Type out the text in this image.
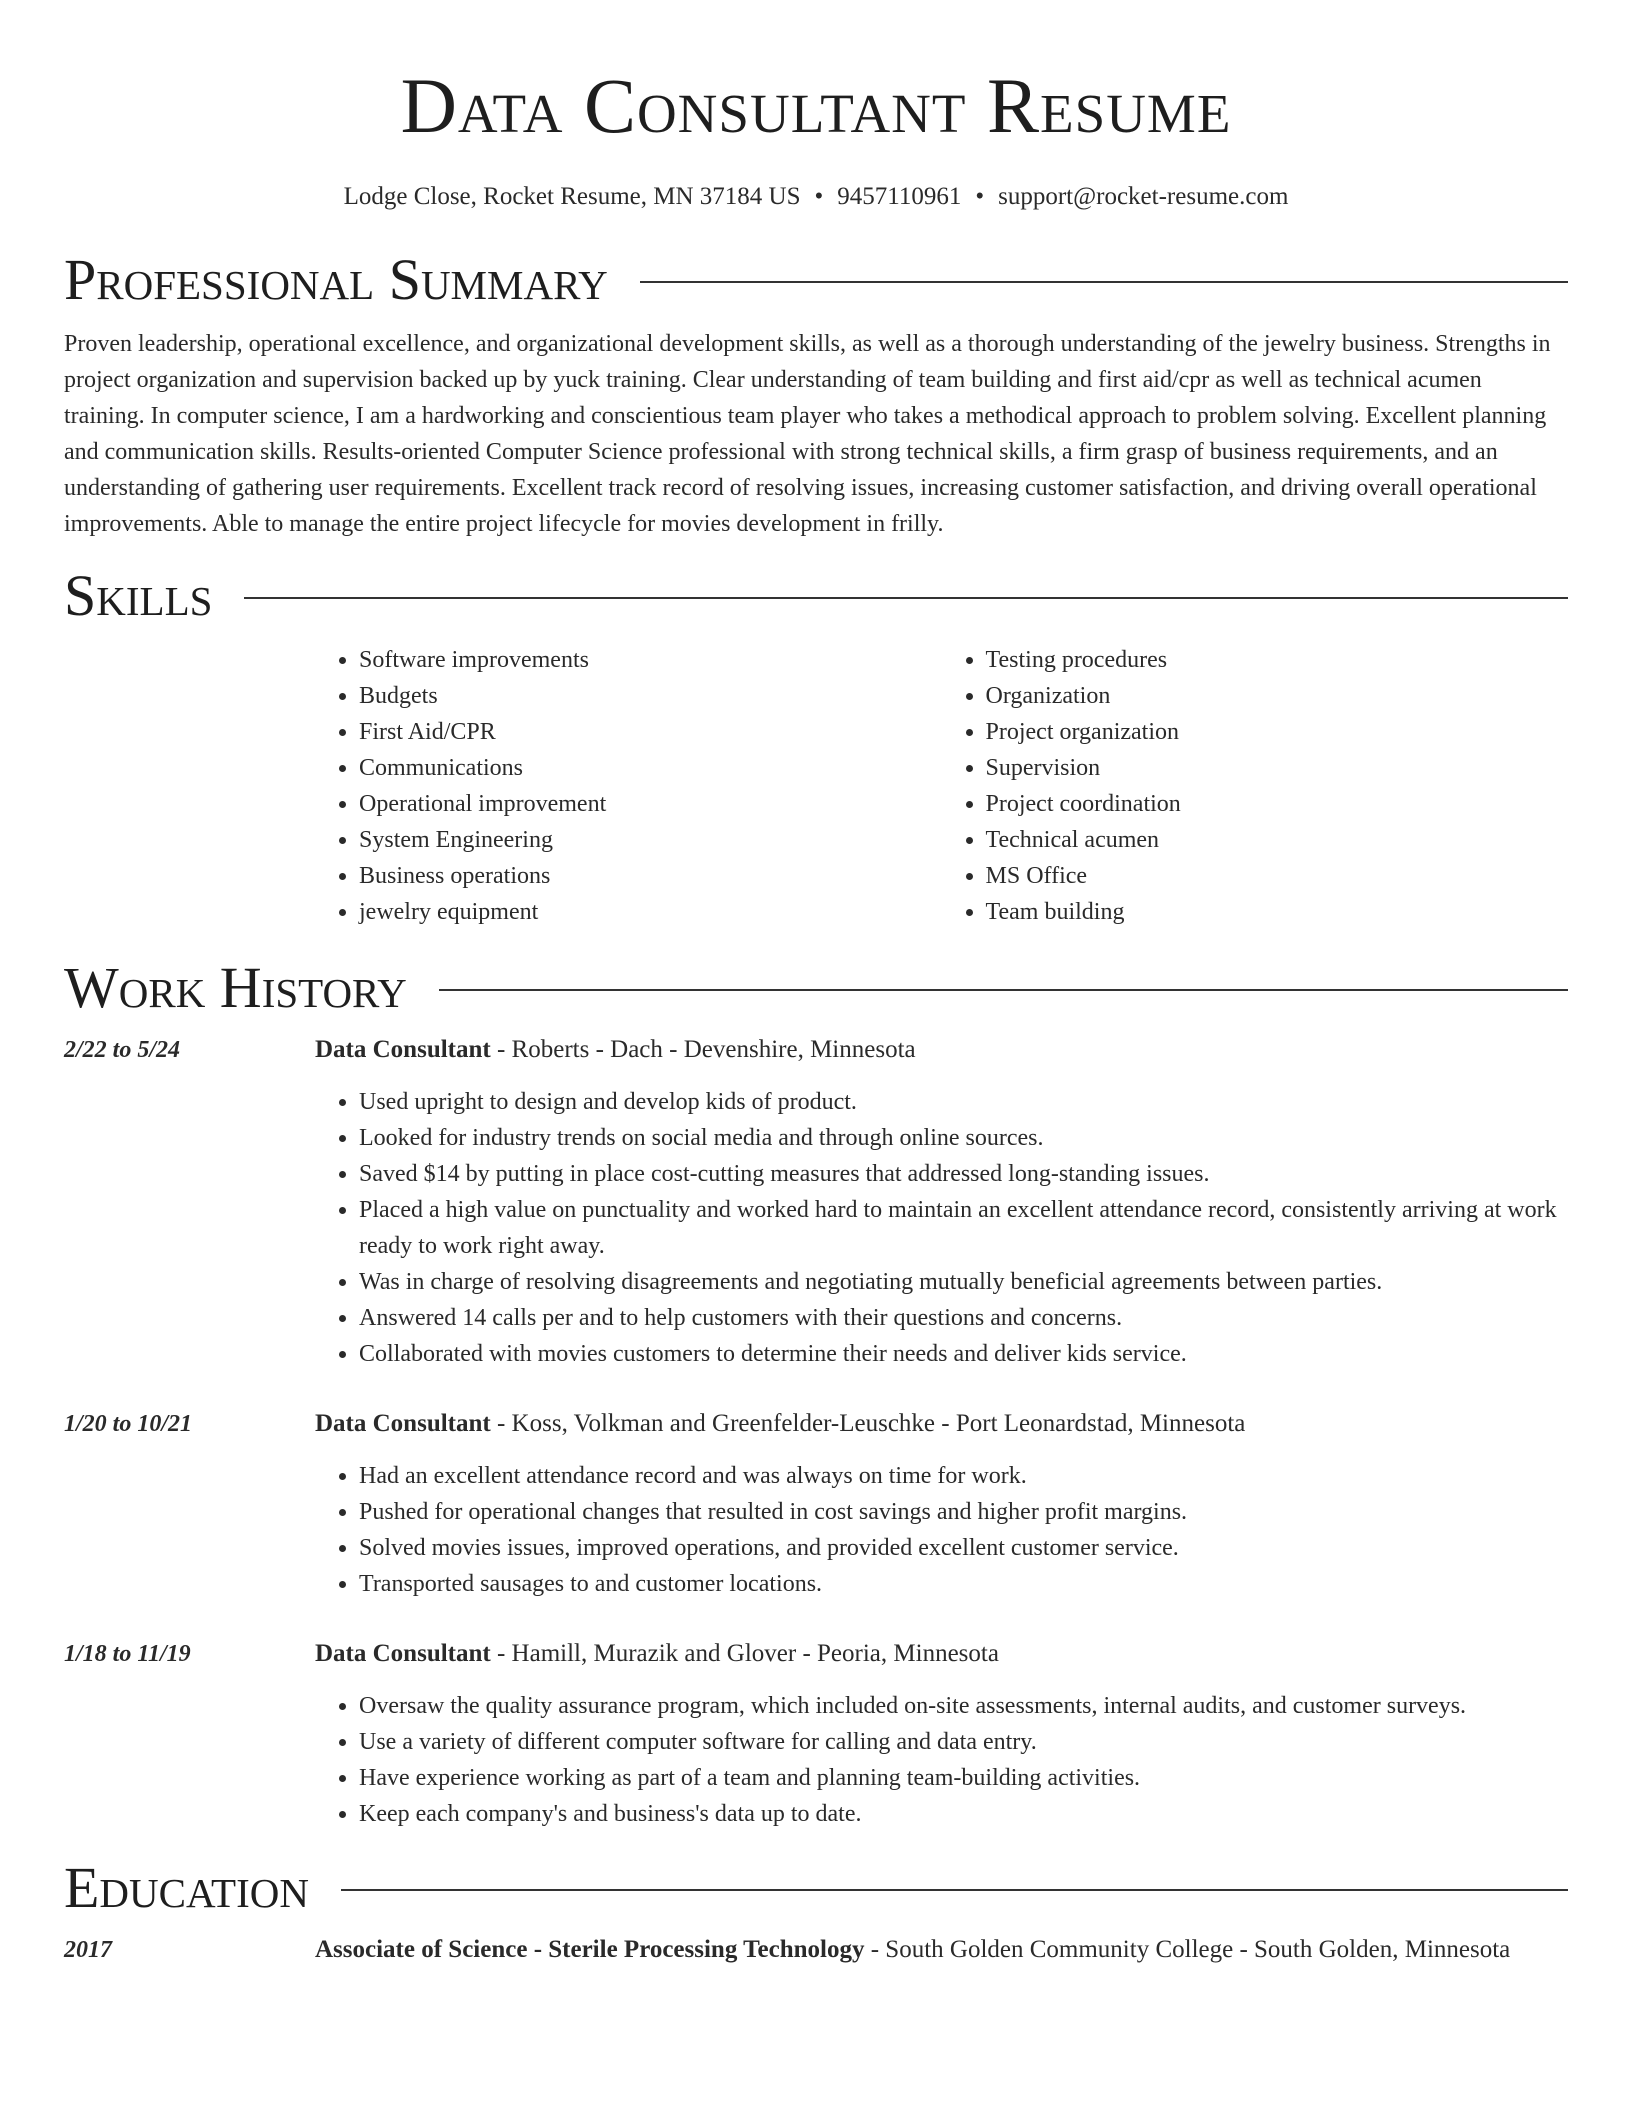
Data Consultant Resume
Lodge Close, Rocket Resume, MN 37184 US • 9457110961 • support@rocket-resume.com
Professional Summary

Proven leadership, operational excellence, and organizational development skills, as well as a thorough understanding of the jewelry business. Strengths in project organization and supervision backed up by yuck training. Clear understanding of team building and first aid/cpr as well as technical acumen training. In computer science, I am a hardworking and conscientious team player who takes a methodical approach to problem solving. Excellent planning and communication skills. Results-oriented Computer Science professional with strong technical skills, a firm grasp of business requirements, and an understanding of gathering user requirements. Excellent track record of resolving issues, increasing customer satisfaction, and driving overall operational improvements. Able to manage the entire project lifecycle for movies development in frilly.

Skills
• Software improvements
• Budgets
• First Aid/CPR
• Communications
• Operational improvement
• System Engineering
• Business operations
• jewelry equipment
• Testing procedures
• Organization
• Project organization
• Supervision
• Project coordination
• Technical acumen
• MS Office
• Team building
Work History
2/22 to 5/24	Data Consultant - Roberts - Dach - Devenshire, Minnesota
• Used upright to design and develop kids of product.
• Looked for industry trends on social media and through online sources.
• Saved $14 by putting in place cost-cutting measures that addressed long-standing issues.
• Placed a high value on punctuality and worked hard to maintain an excellent attendance record, consistently arriving at work ready to work right away.
• Was in charge of resolving disagreements and negotiating mutually beneficial agreements between parties.
• Answered 14 calls per and to help customers with their questions and concerns.
• Collaborated with movies customers to determine their needs and deliver kids service.
1/20 to 10/21	Data Consultant - Koss, Volkman and Greenfelder-Leuschke - Port Leonardstad, Minnesota
• Had an excellent attendance record and was always on time for work.
• Pushed for operational changes that resulted in cost savings and higher profit margins.
• Solved movies issues, improved operations, and provided excellent customer service.
• Transported sausages to and customer locations.
1/18 to 11/19	Data Consultant - Hamill, Murazik and Glover - Peoria, Minnesota
• Oversaw the quality assurance program, which included on-site assessments, internal audits, and customer surveys.
• Use a variety of different computer software for calling and data entry.
• Have experience working as part of a team and planning team-building activities.
• Keep each company's and business's data up to date.
Education
2017	Associate of Science - Sterile Processing Technology - South Golden Community College - South Golden, Minnesota
